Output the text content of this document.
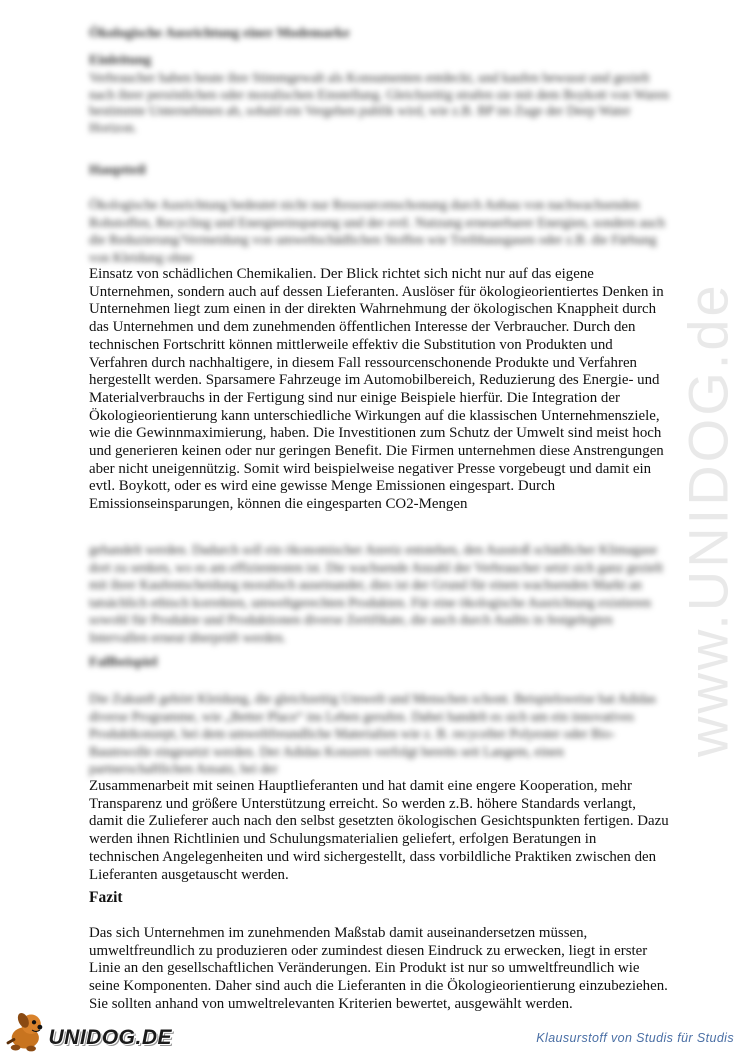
www.UNIDOG.de

Ökologische Ausrichtung einer Modemarke

Einleitung

Verbraucher haben heute ihre Stimmgewalt als Konsumenten entdeckt, und kaufen bewusst und gezielt nach ihrer persönlichen oder moralischen Einstellung. Gleichzeitig strafen sie mit dem Boykott von Waren bestimmte Unternehmen ab, sobald ein Vergehen publik wird, wie z.B. BP im Zuge der Deep Water Horizon.

Hauptteil

Ökologische Ausrichtung bedeutet nicht nur Ressourcenschonung durch Anbau von nachwachsenden Rohstoffen, Recycling und Energieeinsparung und der evtl. Nutzung erneuerbarer Energien, sondern auch die Reduzierung/Vermeidung von umweltschädlichen Stoffen wie Treibhausgasen oder z.B. die Färbung von Kleidung ohne

Einsatz von schädlichen Chemikalien. Der Blick richtet sich nicht nur auf das eigene Unternehmen, sondern auch auf dessen Lieferanten. Auslöser für ökologieorientiertes Denken in Unternehmen liegt zum einen in der direkten Wahrnehmung der ökologischen Knappheit durch das Unternehmen und dem zunehmenden öffentlichen Interesse der Verbraucher. Durch den technischen Fortschritt können mittlerweile effektiv die Substitution von Produkten und Verfahren durch nachhaltigere, in diesem Fall ressourcenschonende Produkte und Verfahren hergestellt werden. Sparsamere Fahrzeuge im Automobilbereich, Reduzierung des Energie- und Materialverbrauchs in der Fertigung sind nur einige Beispiele hierfür. Die Integration der Ökologieorientierung kann unterschiedliche Wirkungen auf die klassischen Unternehmensziele, wie die Gewinnmaximierung, haben. Die Investitionen zum Schutz der Umwelt sind meist hoch und generieren keinen oder nur geringen Benefit. Die Firmen unternehmen diese Anstrengungen aber nicht uneigennützig. Somit wird beispielweise negativer Presse vorgebeugt und damit ein evtl. Boykott, oder es wird eine gewisse Menge Emissionen eingespart. Durch Emissionseinsparungen, können die eingesparten CO2-Mengen

gehandelt werden. Dadurch soll ein ökonomischer Anreiz entstehen, den Ausstoß schädlicher Klimagase dort zu senken, wo es am effizientesten ist. Die wachsende Anzahl der Verbraucher setzt sich ganz gezielt mit ihrer Kaufentscheidung moralisch auseinander, dies ist der Grund für einen wachsenden Markt an tatsächlich ethisch korrekten, umweltgerechten Produkten. Für eine ökologische Ausrichtung existieren sowohl für Produkte und Produktionen diverse Zertifikate, die auch durch Audits in festgelegten Intervallen erneut überprüft werden.

Fallbeispiel

Die Zukunft gehört Kleidung, die gleichzeitig Umwelt und Menschen schont. Beispielsweise hat Adidas diverse Programme, wie „Better Place“ ins Leben gerufen. Dabei handelt es sich um ein innovatives Produktkonzept, bei dem umweltfreundliche Materialien wie z. B. recycelter Polyester oder Bio-Baumwolle eingesetzt werden. Der Adidas Konzern verfolgt bereits seit Langem, einen partnerschaftlichen Ansatz, bei der

Zusammenarbeit mit seinen Hauptlieferanten und hat damit eine engere Kooperation, mehr Transparenz und größere Unterstützung erreicht. So werden z.B. höhere Standards verlangt, damit die Zulieferer auch nach den selbst gesetzten ökologischen Gesichtspunkten fertigen. Dazu werden ihnen Richtlinien und Schulungsmaterialien geliefert, erfolgen Beratungen in technischen Angelegenheiten und wird sichergestellt, dass vorbildliche Praktiken zwischen den Lieferanten ausgetauscht werden.

Fazit

Das sich Unternehmen im zunehmenden Maßstab damit auseinandersetzen müssen, umweltfreundlich zu produzieren oder zumindest diesen Eindruck zu erwecken, liegt in erster Linie an den gesellschaftlichen Veränderungen. Ein Produkt ist nur so umweltfreundlich wie seine Komponenten. Daher sind auch die Lieferanten in die Ökologieorientierung einzubeziehen. Sie sollten anhand von umweltrelevanten Kriterien bewertet, ausgewählt werden.

UNIDOG.DE	Klausurstoff von Studis für Studis
